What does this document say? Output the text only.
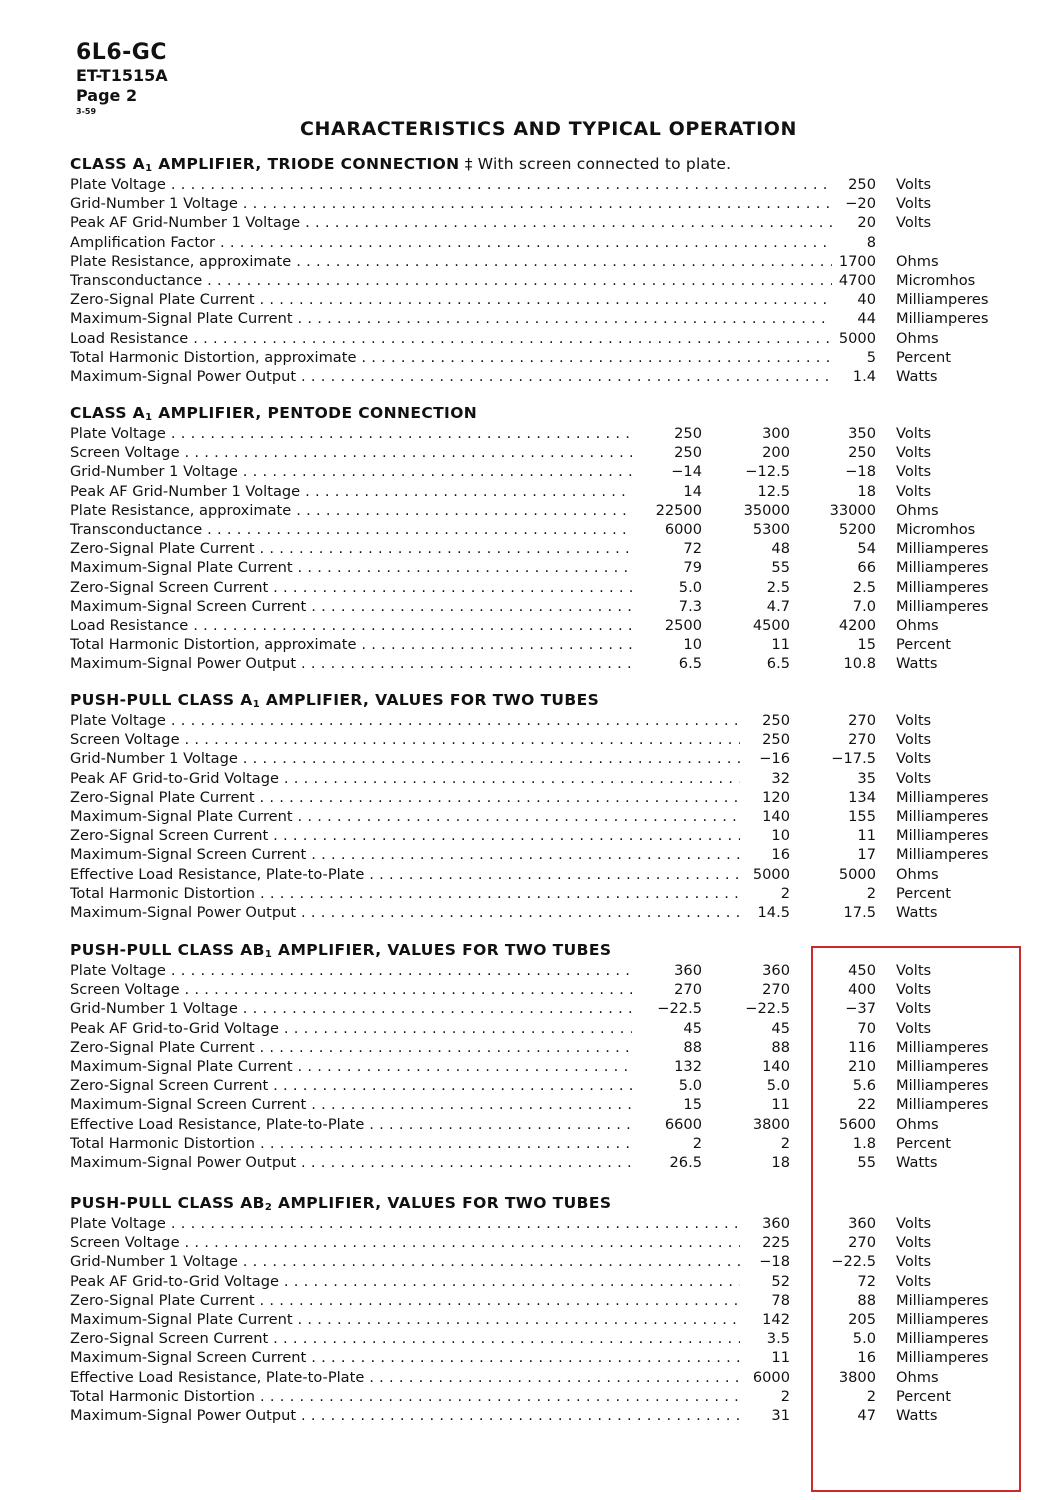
6L6-GC
ET-T1515A
Page 2
3-59
CHARACTERISTICS AND TYPICAL OPERATION
CLASS $A_1$ AMPLIFIER, TRIODE CONNECTION ‡ With screen connected to plate.
Plate Voltage . . .	250 Volts
Grid-Number 1 Voltage . . .	−20 Volts
Peak AF Grid-Number 1 Voltage . . .	20 Volts
Amplification Factor . . .	8
Plate Resistance, approximate . . .	1700 Ohms
Transconductance . . .	4700 Micromhos
Zero-Signal Plate Current . . .	40 Milliamperes
Maximum-Signal Plate Current . . .	44 Milliamperes
Load Resistance . . .	5000 Ohms
Total Harmonic Distortion, approximate . . .	5 Percent
Maximum-Signal Power Output . . .	1.4 Watts
CLASS $A_1$ AMPLIFIER, PENTODE CONNECTION
Plate Voltage . . .	250	300	350 Volts
Screen Voltage . . .	250	200	250 Volts
Grid-Number 1 Voltage . . .	−14	−12.5	−18 Volts
Peak AF Grid-Number 1 Voltage . . .	14	12.5	18 Volts
Plate Resistance, approximate . . .	22500	35000	33000 Ohms
Transconductance . . .	6000	5300	5200 Micromhos
Zero-Signal Plate Current . . .	72	48	54 Milliamperes
Maximum-Signal Plate Current . . .	79	55	66 Milliamperes
Zero-Signal Screen Current . . .	5.0	2.5	2.5 Milliamperes
Maximum-Signal Screen Current . . .	7.3	4.7	7.0 Milliamperes
Load Resistance . . .	2500	4500	4200 Ohms
Total Harmonic Distortion, approximate . . .	10	11	15 Percent
Maximum-Signal Power Output . . .	6.5	6.5	10.8 Watts
PUSH-PULL CLASS $A_1$ AMPLIFIER, VALUES FOR TWO TUBES
Plate Voltage . . .	250	270 Volts
Screen Voltage . . .	250	270 Volts
Grid-Number 1 Voltage . . .	−16	−17.5 Volts
Peak AF Grid-to-Grid Voltage . . .	32	35 Volts
Zero-Signal Plate Current . . .	120	134 Milliamperes
Maximum-Signal Plate Current . . .	140	155 Milliamperes
Zero-Signal Screen Current . . .	10	11 Milliamperes
Maximum-Signal Screen Current . . .	16	17 Milliamperes
Effective Load Resistance, Plate-to-Plate . . .	5000	5000 Ohms
Total Harmonic Distortion . . .	2	2 Percent
Maximum-Signal Power Output . . .	14.5	17.5 Watts
PUSH-PULL CLASS $AB_1$ AMPLIFIER, VALUES FOR TWO TUBES
Plate Voltage . . .	360	360	450 Volts
Screen Voltage . . .	270	270	400 Volts
Grid-Number 1 Voltage . . .	−22.5	−22.5	−37 Volts
Peak AF Grid-to-Grid Voltage . . .	45	45	70 Volts
Zero-Signal Plate Current . . .	88	88	116 Milliamperes
Maximum-Signal Plate Current . . .	132	140	210 Milliamperes
Zero-Signal Screen Current . . .	5.0	5.0	5.6 Milliamperes
Maximum-Signal Screen Current . . .	15	11	22 Milliamperes
Effective Load Resistance, Plate-to-Plate . . .	6600	3800	5600 Ohms
Total Harmonic Distortion . . .	2	2	1.8 Percent
Maximum-Signal Power Output . . .	26.5	18	55 Watts
PUSH-PULL CLASS $AB_2$ AMPLIFIER, VALUES FOR TWO TUBES
Plate Voltage . . .	360	360 Volts
Screen Voltage . . .	225	270 Volts
Grid-Number 1 Voltage . . .	−18	−22.5 Volts
Peak AF Grid-to-Grid Voltage . . .	52	72 Volts
Zero-Signal Plate Current . . .	78	88 Milliamperes
Maximum-Signal Plate Current . . .	142	205 Milliamperes
Zero-Signal Screen Current . . .	3.5	5.0 Milliamperes
Maximum-Signal Screen Current . . .	11	16 Milliamperes
Effective Load Resistance, Plate-to-Plate . . .	6000	3800 Ohms
Total Harmonic Distortion . . .	2	2 Percent
Maximum-Signal Power Output . . .	31	47 Watts
